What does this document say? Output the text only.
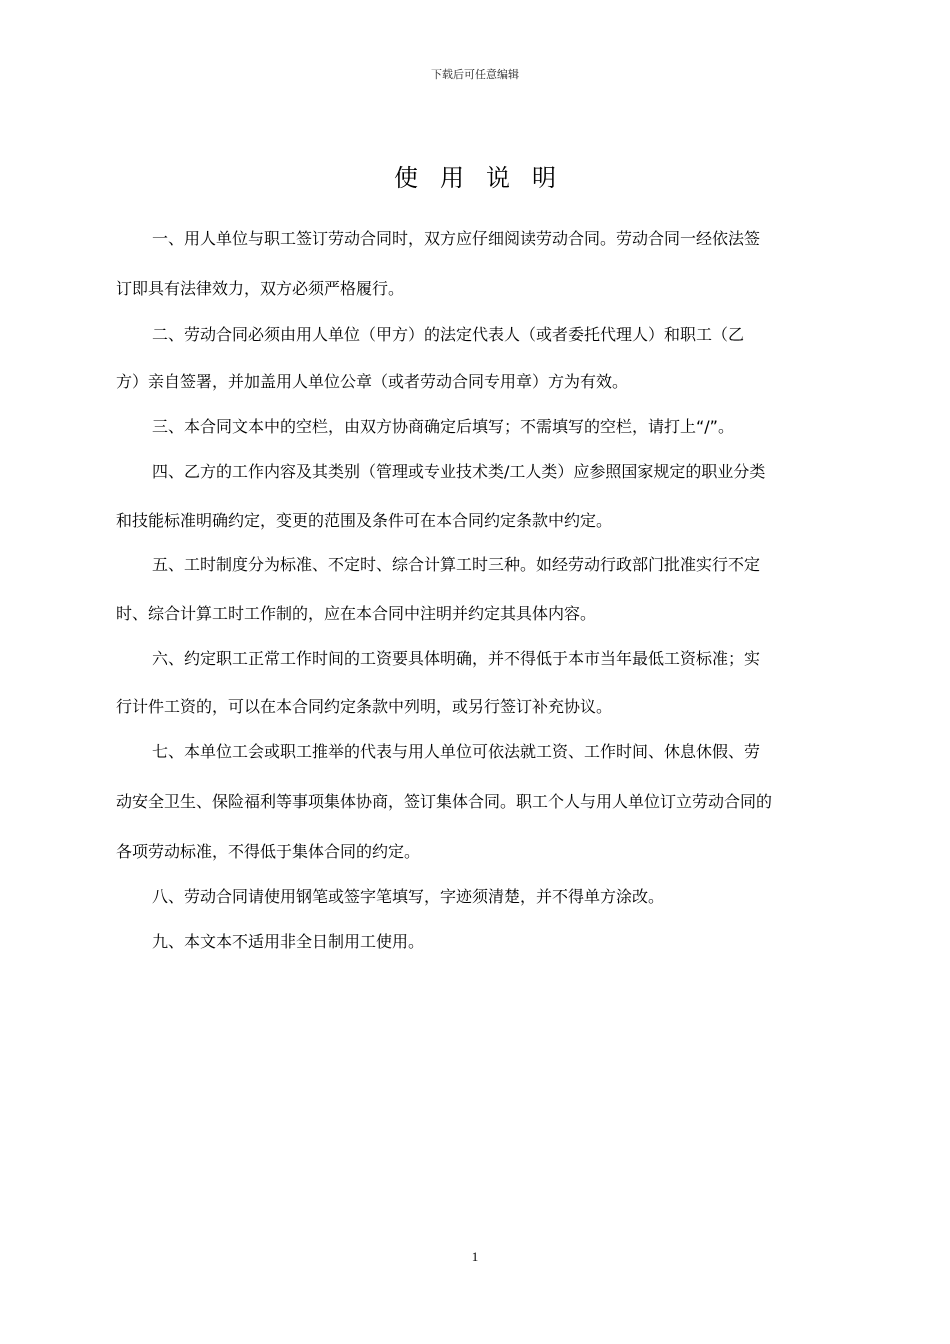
下载后可任意编辑
使用说明
一、用人单位与职工签订劳动合同时，双方应仔细阅读劳动合同。劳动合同一经依法签
订即具有法律效力，双方必须严格履行。
二、劳动合同必须由用人单位（甲方）的法定代表人（或者委托代理人）和职工（乙
方）亲自签署，并加盖用人单位公章（或者劳动合同专用章）方为有效。
三、本合同文本中的空栏，由双方协商确定后填写；不需填写的空栏，请打上“/”。
四、乙方的工作内容及其类别（管理或专业技术类/工人类）应参照国家规定的职业分类
和技能标准明确约定，变更的范围及条件可在本合同约定条款中约定。
五、工时制度分为标准、不定时、综合计算工时三种。如经劳动行政部门批准实行不定
时、综合计算工时工作制的，应在本合同中注明并约定其具体内容。
六、约定职工正常工作时间的工资要具体明确，并不得低于本市当年最低工资标准；实
行计件工资的，可以在本合同约定条款中列明，或另行签订补充协议。
七、本单位工会或职工推举的代表与用人单位可依法就工资、工作时间、休息休假、劳
动安全卫生、保险福利等事项集体协商，签订集体合同。职工个人与用人单位订立劳动合同的
各项劳动标准，不得低于集体合同的约定。
八、劳动合同请使用钢笔或签字笔填写，字迹须清楚，并不得单方涂改。
九、本文本不适用非全日制用工使用。
1
